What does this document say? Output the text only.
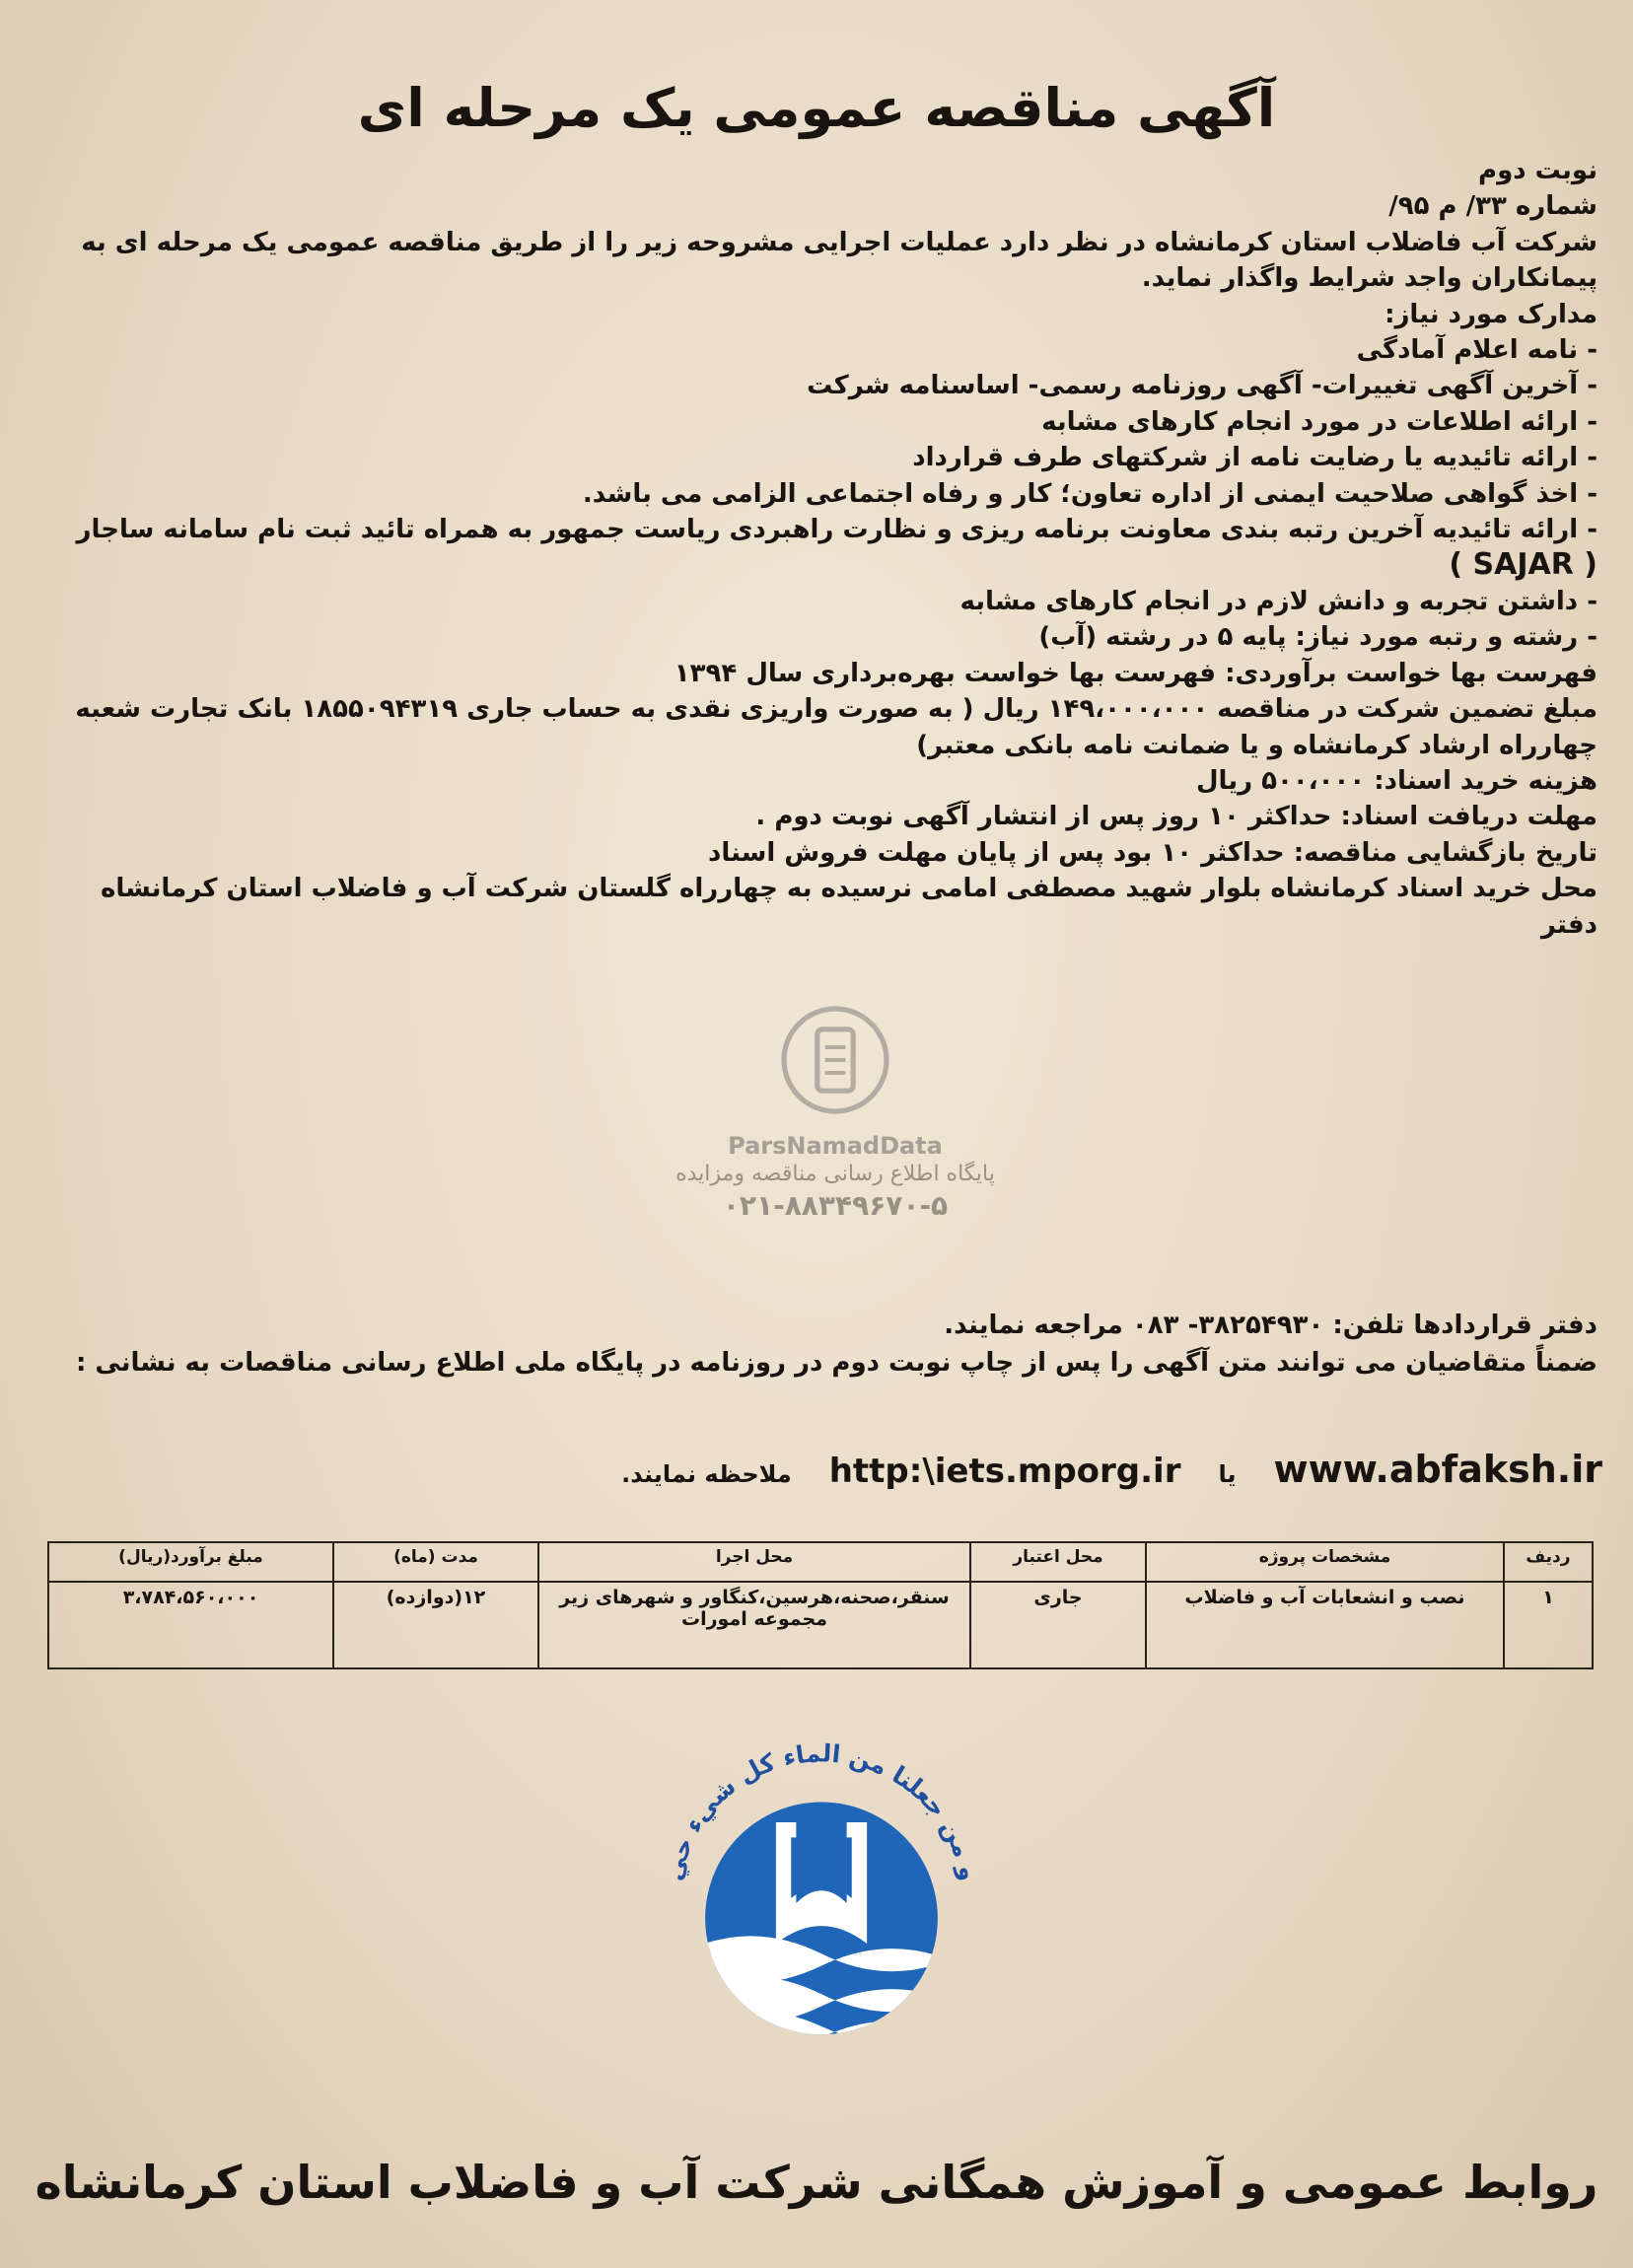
آگهی مناقصه عمومی یک مرحله ای

نوبت دوم

شماره ۳۳/ م ۹۵/

شرکت آب فاضلاب استان کرمانشاه در نظر دارد عملیات اجرایی مشروحه زیر را از طریق مناقصه عمومی یک مرحله ای به پیمانکاران واجد شرایط واگذار نماید.

مدارک مورد نیاز:

- نامه اعلام آمادگی

- آخرین آگهی تغییرات- آگهی روزنامه رسمی- اساسنامه شرکت

- ارائه اطلاعات در مورد انجام کارهای مشابه

- ارائه تائیدیه یا رضایت نامه از شرکتهای طرف قرارداد

- اخذ گواهی صلاحیت ایمنی از اداره تعاون؛ کار و رفاه اجتماعی الزامی می باشد.

- ارائه تائیدیه آخرین رتبه بندی معاونت برنامه ریزی و نظارت راهبردی ریاست جمهور به همراه تائید ثبت نام سامانه ساجار

( SAJAR )

- داشتن تجربه و دانش لازم در انجام کارهای مشابه

- رشته و رتبه مورد نیاز: پایه ۵ در رشته (آب)

فهرست بها خواست برآوردی: فهرست بها خواست بهره‌برداری سال ۱۳۹۴

مبلغ تضمین شرکت در مناقصه ۱۴۹،۰۰۰،۰۰۰ ریال ( به صورت واریزی نقدی به حساب جاری ۱۸۵۵۰۹۴۳۱۹ بانک تجارت شعبه چهارراه ارشاد کرمانشاه و یا ضمانت نامه بانکی معتبر)

هزینه خرید اسناد: ۵۰۰،۰۰۰ ریال

مهلت دریافت اسناد: حداکثر ۱۰ روز پس از انتشار آگهی نوبت دوم .

تاریخ بازگشایی مناقصه: حداکثر ۱۰ بود پس از پایان مهلت فروش اسناد

محل خرید اسناد کرمانشاه بلوار شهید مصطفی امامی نرسیده به چهارراه گلستان شرکت آب و فاضلاب استان کرمانشاه دفتر

ParsNamadData
پایگاه اطلاع رسانی مناقصه ومزایده
۰۲۱-۸۸۳۴۹۶۷۰-۵

دفتر قراردادها تلفن: ۳۸۲۵۴۹۳۰- ۰۸۳ مراجعه نمایند.

ضمناً متقاضیان می توانند متن آگهی را پس از چاپ نوبت دوم در روزنامه در پایگاه ملی اطلاع رسانی مناقصات به نشانی :

www.abfaksh.ir
یا
http:\iets.mporg.ir
ملاحظه نمایند.
ردیف	مشخصات پروژه	محل اعتبار	محل اجرا	مدت (ماه)	مبلغ برآورد(ریال)
۱	نصب و انشعابات آب و فاضلاب	جاری	سنقر،صحنه،هرسین،کنگاور و شهرهای زیر مجموعه امورات	۱۲(دوازده)	۳،۷۸۴،۵۶۰،۰۰۰
و من جعلنا من الماء كل شيء حي
روابط عمومی و آموزش همگانی شرکت آب و فاضلاب استان کرمانشاه
